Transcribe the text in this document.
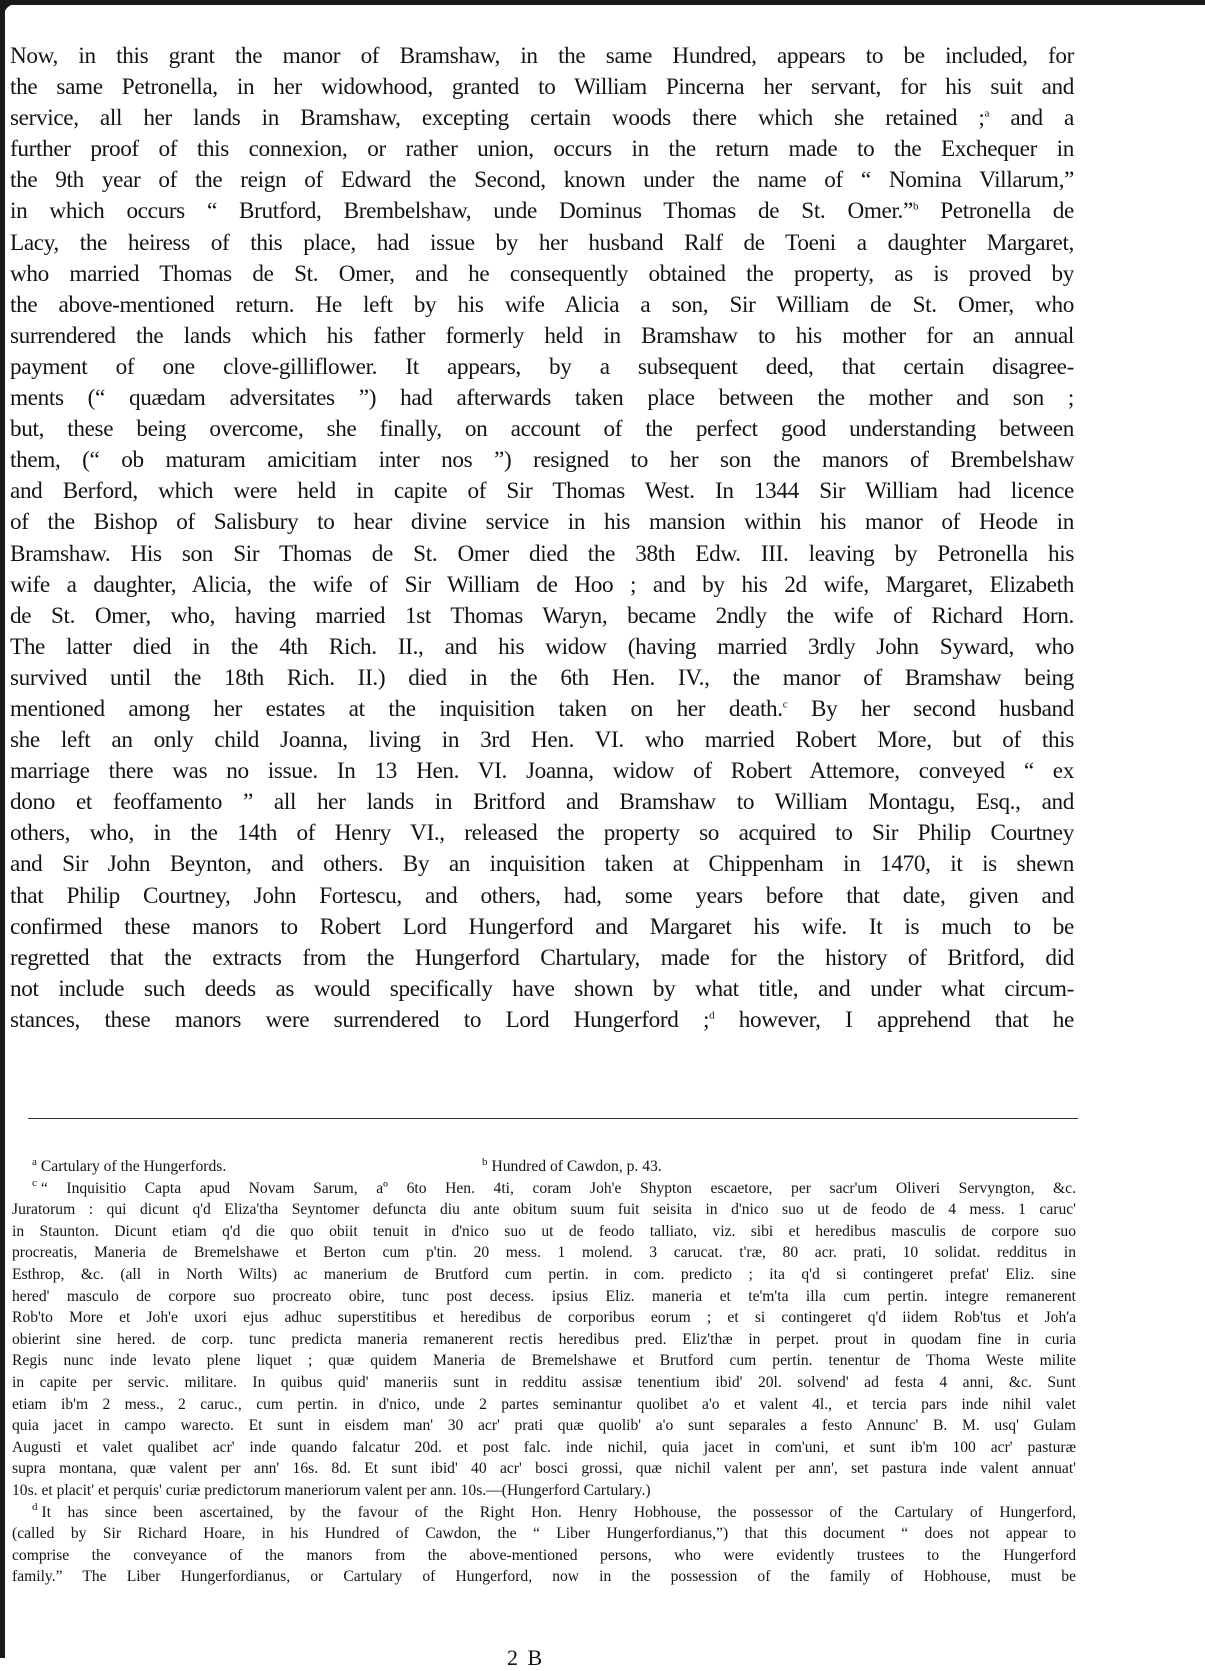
Now, in this grant the manor of Bramshaw, in the same Hundred, appears to be included, for
the same Petronella, in her widowhood, granted to William Pincerna her servant, for his suit and
service, all her lands in Bramshaw, excepting certain woods there which she retained ;$^a$ and a
further proof of this connexion, or rather union, occurs in the return made to the Exchequer in
the 9th year of the reign of Edward the Second, known under the name of “ Nomina Villarum,”
in which occurs “ Brutford, Brembelshaw, unde Dominus Thomas de St. Omer.”$^b$ Petronella de
Lacy, the heiress of this place, had issue by her husband Ralf de Toeni a daughter Margaret,
who married Thomas de St. Omer, and he consequently obtained the property, as is proved by
the above-mentioned return. He left by his wife Alicia a son, Sir William de St. Omer, who
surrendered the lands which his father formerly held in Bramshaw to his mother for an annual
payment of one clove-gilliflower. It appears, by a subsequent deed, that certain disagree-
ments (“ quædam adversitates ”) had afterwards taken place between the mother and son ;
but, these being overcome, she finally, on account of the perfect good understanding between
them, (“ ob maturam amicitiam inter nos ”) resigned to her son the manors of Brembelshaw
and Berford, which were held in capite of Sir Thomas West. In 1344 Sir William had licence
of the Bishop of Salisbury to hear divine service in his mansion within his manor of Heode in
Bramshaw. His son Sir Thomas de St. Omer died the 38th Edw. III. leaving by Petronella his
wife a daughter, Alicia, the wife of Sir William de Hoo ; and by his 2d wife, Margaret, Elizabeth
de St. Omer, who, having married 1st Thomas Waryn, became 2ndly the wife of Richard Horn.
The latter died in the 4th Rich. II., and his widow (having married 3rdly John Syward, who
survived until the 18th Rich. II.) died in the 6th Hen. IV., the manor of Bramshaw being
mentioned among her estates at the inquisition taken on her death.$^c$ By her second husband
she left an only child Joanna, living in 3rd Hen. VI. who married Robert More, but of this
marriage there was no issue. In 13 Hen. VI. Joanna, widow of Robert Attemore, conveyed “ ex
dono et feoffamento ” all her lands in Britford and Bramshaw to William Montagu, Esq., and
others, who, in the 14th of Henry VI., released the property so acquired to Sir Philip Courtney
and Sir John Beynton, and others. By an inquisition taken at Chippenham in 1470, it is shewn
that Philip Courtney, John Fortescu, and others, had, some years before that date, given and
confirmed these manors to Robert Lord Hungerford and Margaret his wife. It is much to be
regretted that the extracts from the Hungerford Chartulary, made for the history of Britford, did
not include such deeds as would specifically have shown by what title, and under what circum-
stances, these manors were surrendered to Lord Hungerford ;$^d$ however, I apprehend that he
$^a$ Cartulary of the Hungerfords.	$^b$ Hundred of Cawdon, p. 43.
$^c$ “ Inquisitio Capta apud Novam Sarum, aº 6to Hen. 4ti, coram Joh'e Shypton escaetore, per sacr'um Oliveri Servyngton, &c.
Juratorum : qui dicunt q'd Eliza'tha Seyntomer defuncta diu ante obitum suum fuit seisita in d'nico suo ut de feodo de 4 mess. 1 caruc'
in Staunton. Dicunt etiam q'd die quo obiit tenuit in d'nico suo ut de feodo talliato, viz. sibi et heredibus masculis de corpore suo
procreatis, Maneria de Bremelshawe et Berton cum p'tin. 20 mess. 1 molend. 3 carucat. t'ræ, 80 acr. prati, 10 solidat. redditus in
Esthrop, &c. (all in North Wilts) ac manerium de Brutford cum pertin. in com. predicto ; ita q'd si contingeret prefat' Eliz. sine
hered' masculo de corpore suo procreato obire, tunc post decess. ipsius Eliz. maneria et te'm'ta illa cum pertin. integre remanerent
Rob'to More et Joh'e uxori ejus adhuc superstitibus et heredibus de corporibus eorum ; et si contingeret q'd iidem Rob'tus et Joh'a
obierint sine hered. de corp. tunc predicta maneria remanerent rectis heredibus pred. Eliz'thæ in perpet. prout in quodam fine in curia
Regis nunc inde levato plene liquet ; quæ quidem Maneria de Bremelshawe et Brutford cum pertin. tenentur de Thoma Weste milite
in capite per servic. militare. In quibus quid' maneriis sunt in redditu assisæ tenentium ibid' 20l. solvend' ad festa 4 anni, &c. Sunt
etiam ib'm 2 mess., 2 caruc., cum pertin. in d'nico, unde 2 partes seminantur quolibet a'o et valent 4l., et tercia pars inde nihil valet
quia jacet in campo warecto. Et sunt in eisdem man' 30 acr' prati quæ quolib' a'o sunt separales a festo Annunc' B. M. usq' Gulam
Augusti et valet qualibet acr' inde quando falcatur 20d. et post falc. inde nichil, quia jacet in com'uni, et sunt ib'm 100 acr' pasturæ
supra montana, quæ valent per ann' 16s. 8d. Et sunt ibid' 40 acr' bosci grossi, quæ nichil valent per ann', set pastura inde valent annuat'
10s. et placit' et perquis' curiæ predictorum maneriorum valent per ann. 10s.—(Hungerford Cartulary.)
$^d$ It has since been ascertained, by the favour of the Right Hon. Henry Hobhouse, the possessor of the Cartulary of Hungerford,
(called by Sir Richard Hoare, in his Hundred of Cawdon, the “ Liber Hungerfordianus,”) that this document “ does not appear to
comprise the conveyance of the manors from the above-mentioned persons, who were evidently trustees to the Hungerford
family.” The Liber Hungerfordianus, or Cartulary of Hungerford, now in the possession of the family of Hobhouse, must be
2 B
